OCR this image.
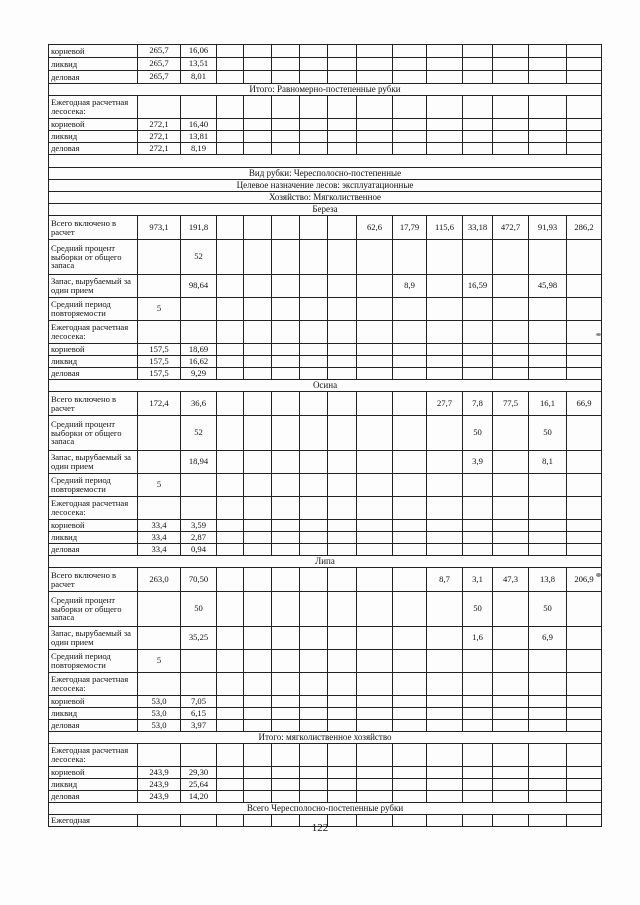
корневой	265,7	16,06													
ликвид	265,7	13,51													
деловая	265,7	8,01													
Итого: Равномерно-постепенные рубки															
Ежегодная расчетная лесосека:															
корневой	272,1	16,40													
ликвид	272,1	13,81													
деловая	272,1	8,19													

Вид рубки: Чересполосно-постепенные															
Целевое назначение лесов: эксплуатационные															
Хозяйство: Мягколиственное															
Береза															
Всего включено в расчет	973,1	191,8						62,6	17,79	115,6	33,18	472,7	91,93	286,2	
Средний процент выборки от общего запаса		52													
Запас, вырубаемый за один прием		98,64							8,9		16,59		45,98		
Средний период повторяемости	5														
Ежегодная расчетная лесосека:															
корневой	157,5	18,69													
ликвид	157,5	16,62													
деловая	157,5	9,29													
Осина															
Всего включено в расчет	172,4	36,6								27,7	7,8	77,5	16,1	66,9	
Средний процент выборки от общего запаса		52									50		50		
Запас, вырубаемый за один прием		18,94									3,9		8,1		
Средний период повторяемости	5														
Ежегодная расчетная лесосека:															
корневой	33,4	3,59													
ликвид	33,4	2,87													
деловая	33,4	0,94													
Липа															
Всего включено в расчет	263,0	70,50								8,7	3,1	47,3	13,8	206,9	
Средний процент выборки от общего запаса		50									50		50		
Запас, вырубаемый за один прием		35,25									1,6		6,9		
Средний период повторяемости	5														
Ежегодная расчетная лесосека:															
корневой	53,0	7,05													
ликвид	53,0	6,15													
деловая	53,0	3,97													
Итого: мягколиственное хозяйство															
Ежегодная расчетная лесосека:															
корневой	243,9	29,30													
ликвид	243,9	25,64													
деловая	243,9	14,20													
Всего Чересполосно-постепенные рубки															
Ежегодная															
122
